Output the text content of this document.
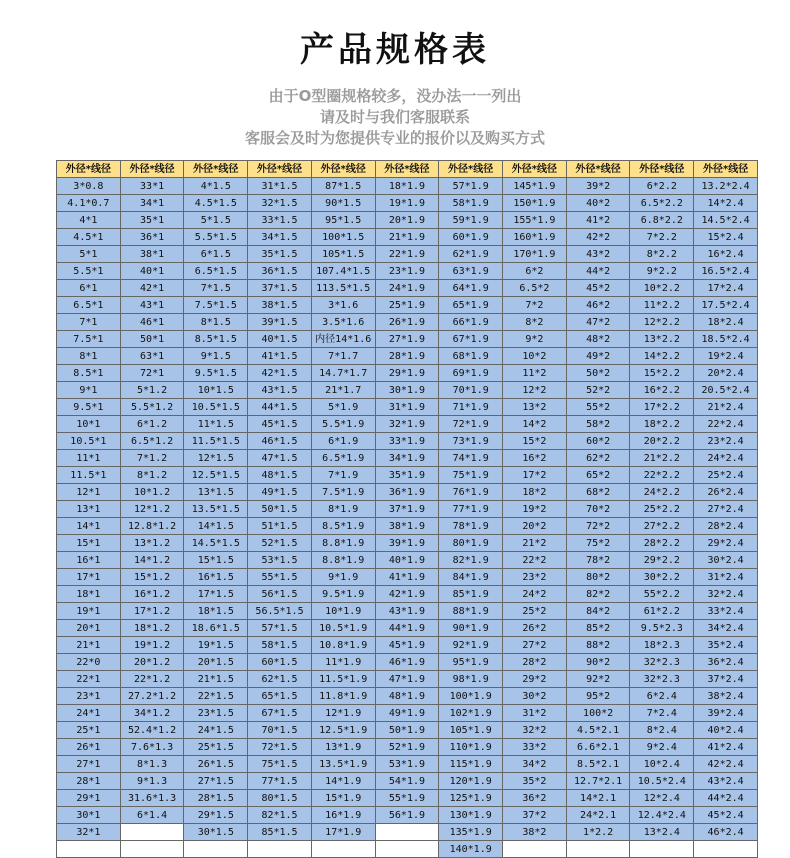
产品规格表
由于O型圈规格较多，没办法一一列出
请及时与我们客服联系
客服会及时为您提供专业的报价以及购买方式
外径*线径	外径*线径	外径*线径	外径*线径	外径*线径	外径*线径	外径*线径	外径*线径	外径*线径	外径*线径	外径*线径
3*0.8	33*1	4*1.5	31*1.5	87*1.5	18*1.9	57*1.9	145*1.9	39*2	6*2.2	13.2*2.4
4.1*0.7	34*1	4.5*1.5	32*1.5	90*1.5	19*1.9	58*1.9	150*1.9	40*2	6.5*2.2	14*2.4
4*1	35*1	5*1.5	33*1.5	95*1.5	20*1.9	59*1.9	155*1.9	41*2	6.8*2.2	14.5*2.4
4.5*1	36*1	5.5*1.5	34*1.5	100*1.5	21*1.9	60*1.9	160*1.9	42*2	7*2.2	15*2.4
5*1	38*1	6*1.5	35*1.5	105*1.5	22*1.9	62*1.9	170*1.9	43*2	8*2.2	16*2.4
5.5*1	40*1	6.5*1.5	36*1.5	107.4*1.5	23*1.9	63*1.9	6*2	44*2	9*2.2	16.5*2.4
6*1	42*1	7*1.5	37*1.5	113.5*1.5	24*1.9	64*1.9	6.5*2	45*2	10*2.2	17*2.4
6.5*1	43*1	7.5*1.5	38*1.5	3*1.6	25*1.9	65*1.9	7*2	46*2	11*2.2	17.5*2.4
7*1	46*1	8*1.5	39*1.5	3.5*1.6	26*1.9	66*1.9	8*2	47*2	12*2.2	18*2.4
7.5*1	50*1	8.5*1.5	40*1.5	内径14*1.6	27*1.9	67*1.9	9*2	48*2	13*2.2	18.5*2.4
8*1	63*1	9*1.5	41*1.5	7*1.7	28*1.9	68*1.9	10*2	49*2	14*2.2	19*2.4
8.5*1	72*1	9.5*1.5	42*1.5	14.7*1.7	29*1.9	69*1.9	11*2	50*2	15*2.2	20*2.4
9*1	5*1.2	10*1.5	43*1.5	21*1.7	30*1.9	70*1.9	12*2	52*2	16*2.2	20.5*2.4
9.5*1	5.5*1.2	10.5*1.5	44*1.5	5*1.9	31*1.9	71*1.9	13*2	55*2	17*2.2	21*2.4
10*1	6*1.2	11*1.5	45*1.5	5.5*1.9	32*1.9	72*1.9	14*2	58*2	18*2.2	22*2.4
10.5*1	6.5*1.2	11.5*1.5	46*1.5	6*1.9	33*1.9	73*1.9	15*2	60*2	20*2.2	23*2.4
11*1	7*1.2	12*1.5	47*1.5	6.5*1.9	34*1.9	74*1.9	16*2	62*2	21*2.2	24*2.4
11.5*1	8*1.2	12.5*1.5	48*1.5	7*1.9	35*1.9	75*1.9	17*2	65*2	22*2.2	25*2.4
12*1	10*1.2	13*1.5	49*1.5	7.5*1.9	36*1.9	76*1.9	18*2	68*2	24*2.2	26*2.4
13*1	12*1.2	13.5*1.5	50*1.5	8*1.9	37*1.9	77*1.9	19*2	70*2	25*2.2	27*2.4
14*1	12.8*1.2	14*1.5	51*1.5	8.5*1.9	38*1.9	78*1.9	20*2	72*2	27*2.2	28*2.4
15*1	13*1.2	14.5*1.5	52*1.5	8.8*1.9	39*1.9	80*1.9	21*2	75*2	28*2.2	29*2.4
16*1	14*1.2	15*1.5	53*1.5	8.8*1.9	40*1.9	82*1.9	22*2	78*2	29*2.2	30*2.4
17*1	15*1.2	16*1.5	55*1.5	9*1.9	41*1.9	84*1.9	23*2	80*2	30*2.2	31*2.4
18*1	16*1.2	17*1.5	56*1.5	9.5*1.9	42*1.9	85*1.9	24*2	82*2	55*2.2	32*2.4
19*1	17*1.2	18*1.5	56.5*1.5	10*1.9	43*1.9	88*1.9	25*2	84*2	61*2.2	33*2.4
20*1	18*1.2	18.6*1.5	57*1.5	10.5*1.9	44*1.9	90*1.9	26*2	85*2	9.5*2.3	34*2.4
21*1	19*1.2	19*1.5	58*1.5	10.8*1.9	45*1.9	92*1.9	27*2	88*2	18*2.3	35*2.4
22*0	20*1.2	20*1.5	60*1.5	11*1.9	46*1.9	95*1.9	28*2	90*2	32*2.3	36*2.4
22*1	22*1.2	21*1.5	62*1.5	11.5*1.9	47*1.9	98*1.9	29*2	92*2	32*2.3	37*2.4
23*1	27.2*1.2	22*1.5	65*1.5	11.8*1.9	48*1.9	100*1.9	30*2	95*2	6*2.4	38*2.4
24*1	34*1.2	23*1.5	67*1.5	12*1.9	49*1.9	102*1.9	31*2	100*2	7*2.4	39*2.4
25*1	52.4*1.2	24*1.5	70*1.5	12.5*1.9	50*1.9	105*1.9	32*2	4.5*2.1	8*2.4	40*2.4
26*1	7.6*1.3	25*1.5	72*1.5	13*1.9	52*1.9	110*1.9	33*2	6.6*2.1	9*2.4	41*2.4
27*1	8*1.3	26*1.5	75*1.5	13.5*1.9	53*1.9	115*1.9	34*2	8.5*2.1	10*2.4	42*2.4
28*1	9*1.3	27*1.5	77*1.5	14*1.9	54*1.9	120*1.9	35*2	12.7*2.1	10.5*2.4	43*2.4
29*1	31.6*1.3	28*1.5	80*1.5	15*1.9	55*1.9	125*1.9	36*2	14*2.1	12*2.4	44*2.4
30*1	6*1.4	29*1.5	82*1.5	16*1.9	56*1.9	130*1.9	37*2	24*2.1	12.4*2.4	45*2.4
32*1		30*1.5	85*1.5	17*1.9		135*1.9	38*2	1*2.2	13*2.4	46*2.4
						140*1.9				
